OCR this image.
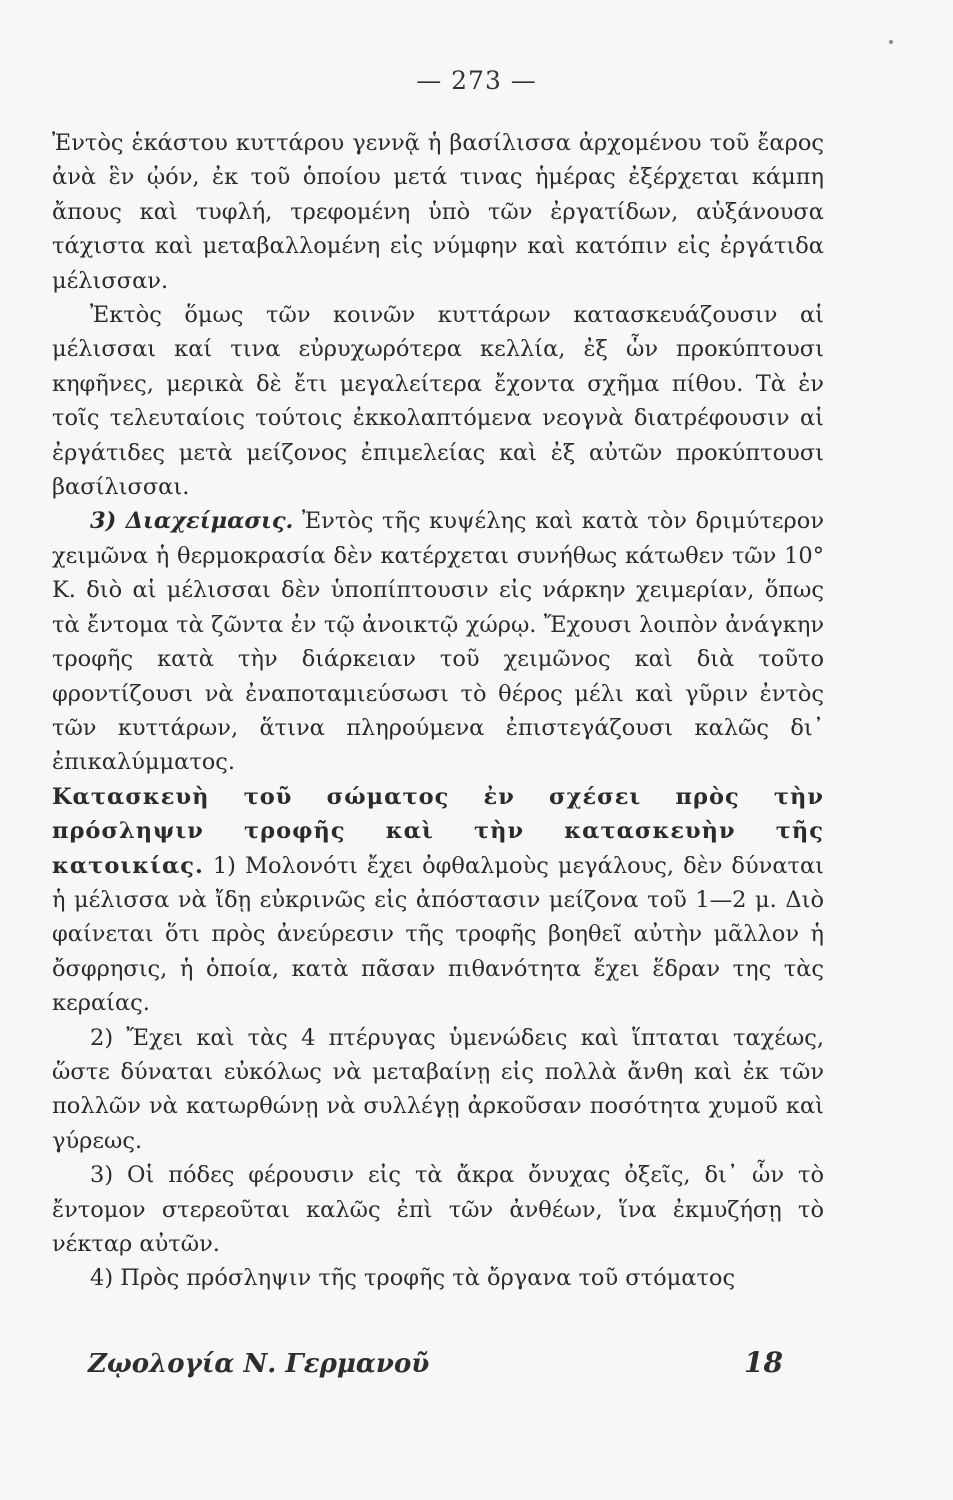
— 273 —

Ἐντὸς ἑκάστου κυττάρου γεννᾷ ἡ βασίλισσα ἀρχομένου τοῦ ἔαρος ἀνὰ ἓν ᾠόν, ἐκ τοῦ ὁποίου μετά τινας ἡμέρας ἐξέρχεται κάμπη ἄπους καὶ τυφλή, τρεφομένη ὑπὸ τῶν ἐργατίδων, αὐξάνουσα τάχιστα καὶ μεταβαλλομένη εἰς νύμφην καὶ κατόπιν εἰς ἐργάτιδα μέλισσαν.

Ἐκτὸς ὅμως τῶν κοινῶν κυττάρων κατασκευάζουσιν αἱ μέλισσαι καί τινα εὐρυχωρότερα κελλία, ἐξ ὧν προκύπτουσι κηφῆνες, μερικὰ δὲ ἔτι μεγαλείτερα ἔχοντα σχῆμα πίθου. Τὰ ἐν τοῖς τελευταίοις τούτοις ἐκκολαπτόμενα νεογνὰ διατρέφουσιν αἱ ἐργάτιδες μετὰ μείζονος ἐπιμελείας καὶ ἐξ αὐτῶν προκύπτουσι βασίλισσαι.

3) Διαχείμασις. Ἐντὸς τῆς κυψέλης καὶ κατὰ τὸν δριμύτερον χειμῶνα ἡ θερμοκρασία δὲν κατέρχεται συνήθως κάτωθεν τῶν 10° Κ. διὸ αἱ μέλισσαι δὲν ὑποπίπτουσιν εἰς νάρκην χειμερίαν, ὅπως τὰ ἔντομα τὰ ζῶντα ἐν τῷ ἀνοικτῷ χώρῳ. Ἔχουσι λοιπὸν ἀνάγκην τροφῆς κατὰ τὴν διάρκειαν τοῦ χειμῶνος καὶ διὰ τοῦτο φροντίζουσι νὰ ἐναποταμιεύσωσι τὸ θέρος μέλι καὶ γῦριν ἐντὸς τῶν κυττάρων, ἅτινα πληρούμενα ἐπιστεγάζουσι καλῶς δι᾿ ἐπικαλύμματος.

Κατασκευὴ τοῦ σώματος ἐν σχέσει πρὸς τὴν πρόσληψιν τροφῆς καὶ τὴν κατασκευὴν τῆς κατοικίας. 1) Μολονότι ἔχει ὀφθαλμοὺς μεγάλους, δὲν δύναται ἡ μέλισσα νὰ ἴδῃ εὐκρινῶς εἰς ἀπόστασιν μείζονα τοῦ 1—2 μ. Διὸ φαίνεται ὅτι πρὸς ἀνεύρεσιν τῆς τροφῆς βοηθεῖ αὐτὴν μᾶλλον ἡ ὄσφρησις, ἡ ὁποία, κατὰ πᾶσαν πιθανότητα ἔχει ἕδραν της τὰς κεραίας.

2) Ἔχει καὶ τὰς 4 πτέρυγας ὑμενώδεις καὶ ἵπταται ταχέως, ὥστε δύναται εὐκόλως νὰ μεταβαίνῃ εἰς πολλὰ ἄνθη καὶ ἐκ τῶν πολλῶν νὰ κατωρθώνῃ νὰ συλλέγῃ ἀρκοῦσαν ποσότητα χυμοῦ καὶ γύρεως.

3) Οἱ πόδες φέρουσιν εἰς τὰ ἄκρα ὄνυχας ὀξεῖς, δι᾿ ὧν τὸ ἔντομον στερεοῦται καλῶς ἐπὶ τῶν ἀνθέων, ἵνα ἐκμυζήσῃ τὸ νέκταρ αὐτῶν.

4) Πρὸς πρόσληψιν τῆς τροφῆς τὰ ὄργανα τοῦ στόματος

Ζῳολογία Ν. Γερμανοῦ	18
